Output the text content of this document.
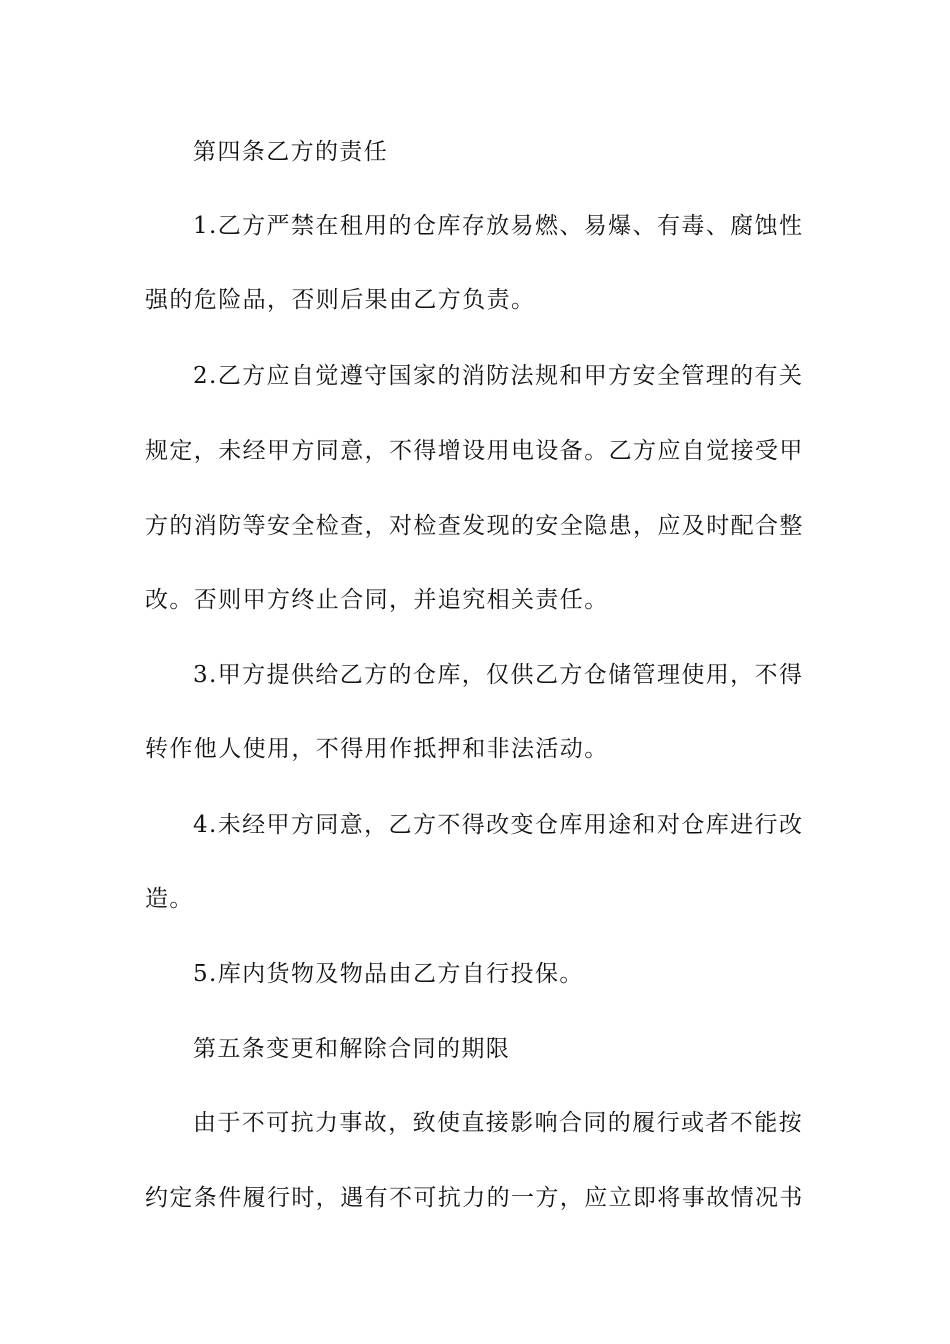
第四条乙方的责任
1.乙方严禁在租用的仓库存放易燃、易爆、有毒、腐蚀性
强的危险品，否则后果由乙方负责。
2.乙方应自觉遵守国家的消防法规和甲方安全管理的有关
规定，未经甲方同意，不得增设用电设备。乙方应自觉接受甲
方的消防等安全检查，对检查发现的安全隐患，应及时配合整
改。否则甲方终止合同，并追究相关责任。
3.甲方提供给乙方的仓库，仅供乙方仓储管理使用，不得
转作他人使用，不得用作抵押和非法活动。
4.未经甲方同意，乙方不得改变仓库用途和对仓库进行改
造。
5.库内货物及物品由乙方自行投保。
第五条变更和解除合同的期限
由于不可抗力事故，致使直接影响合同的履行或者不能按
约定条件履行时，遇有不可抗力的一方，应立即将事故情况书
